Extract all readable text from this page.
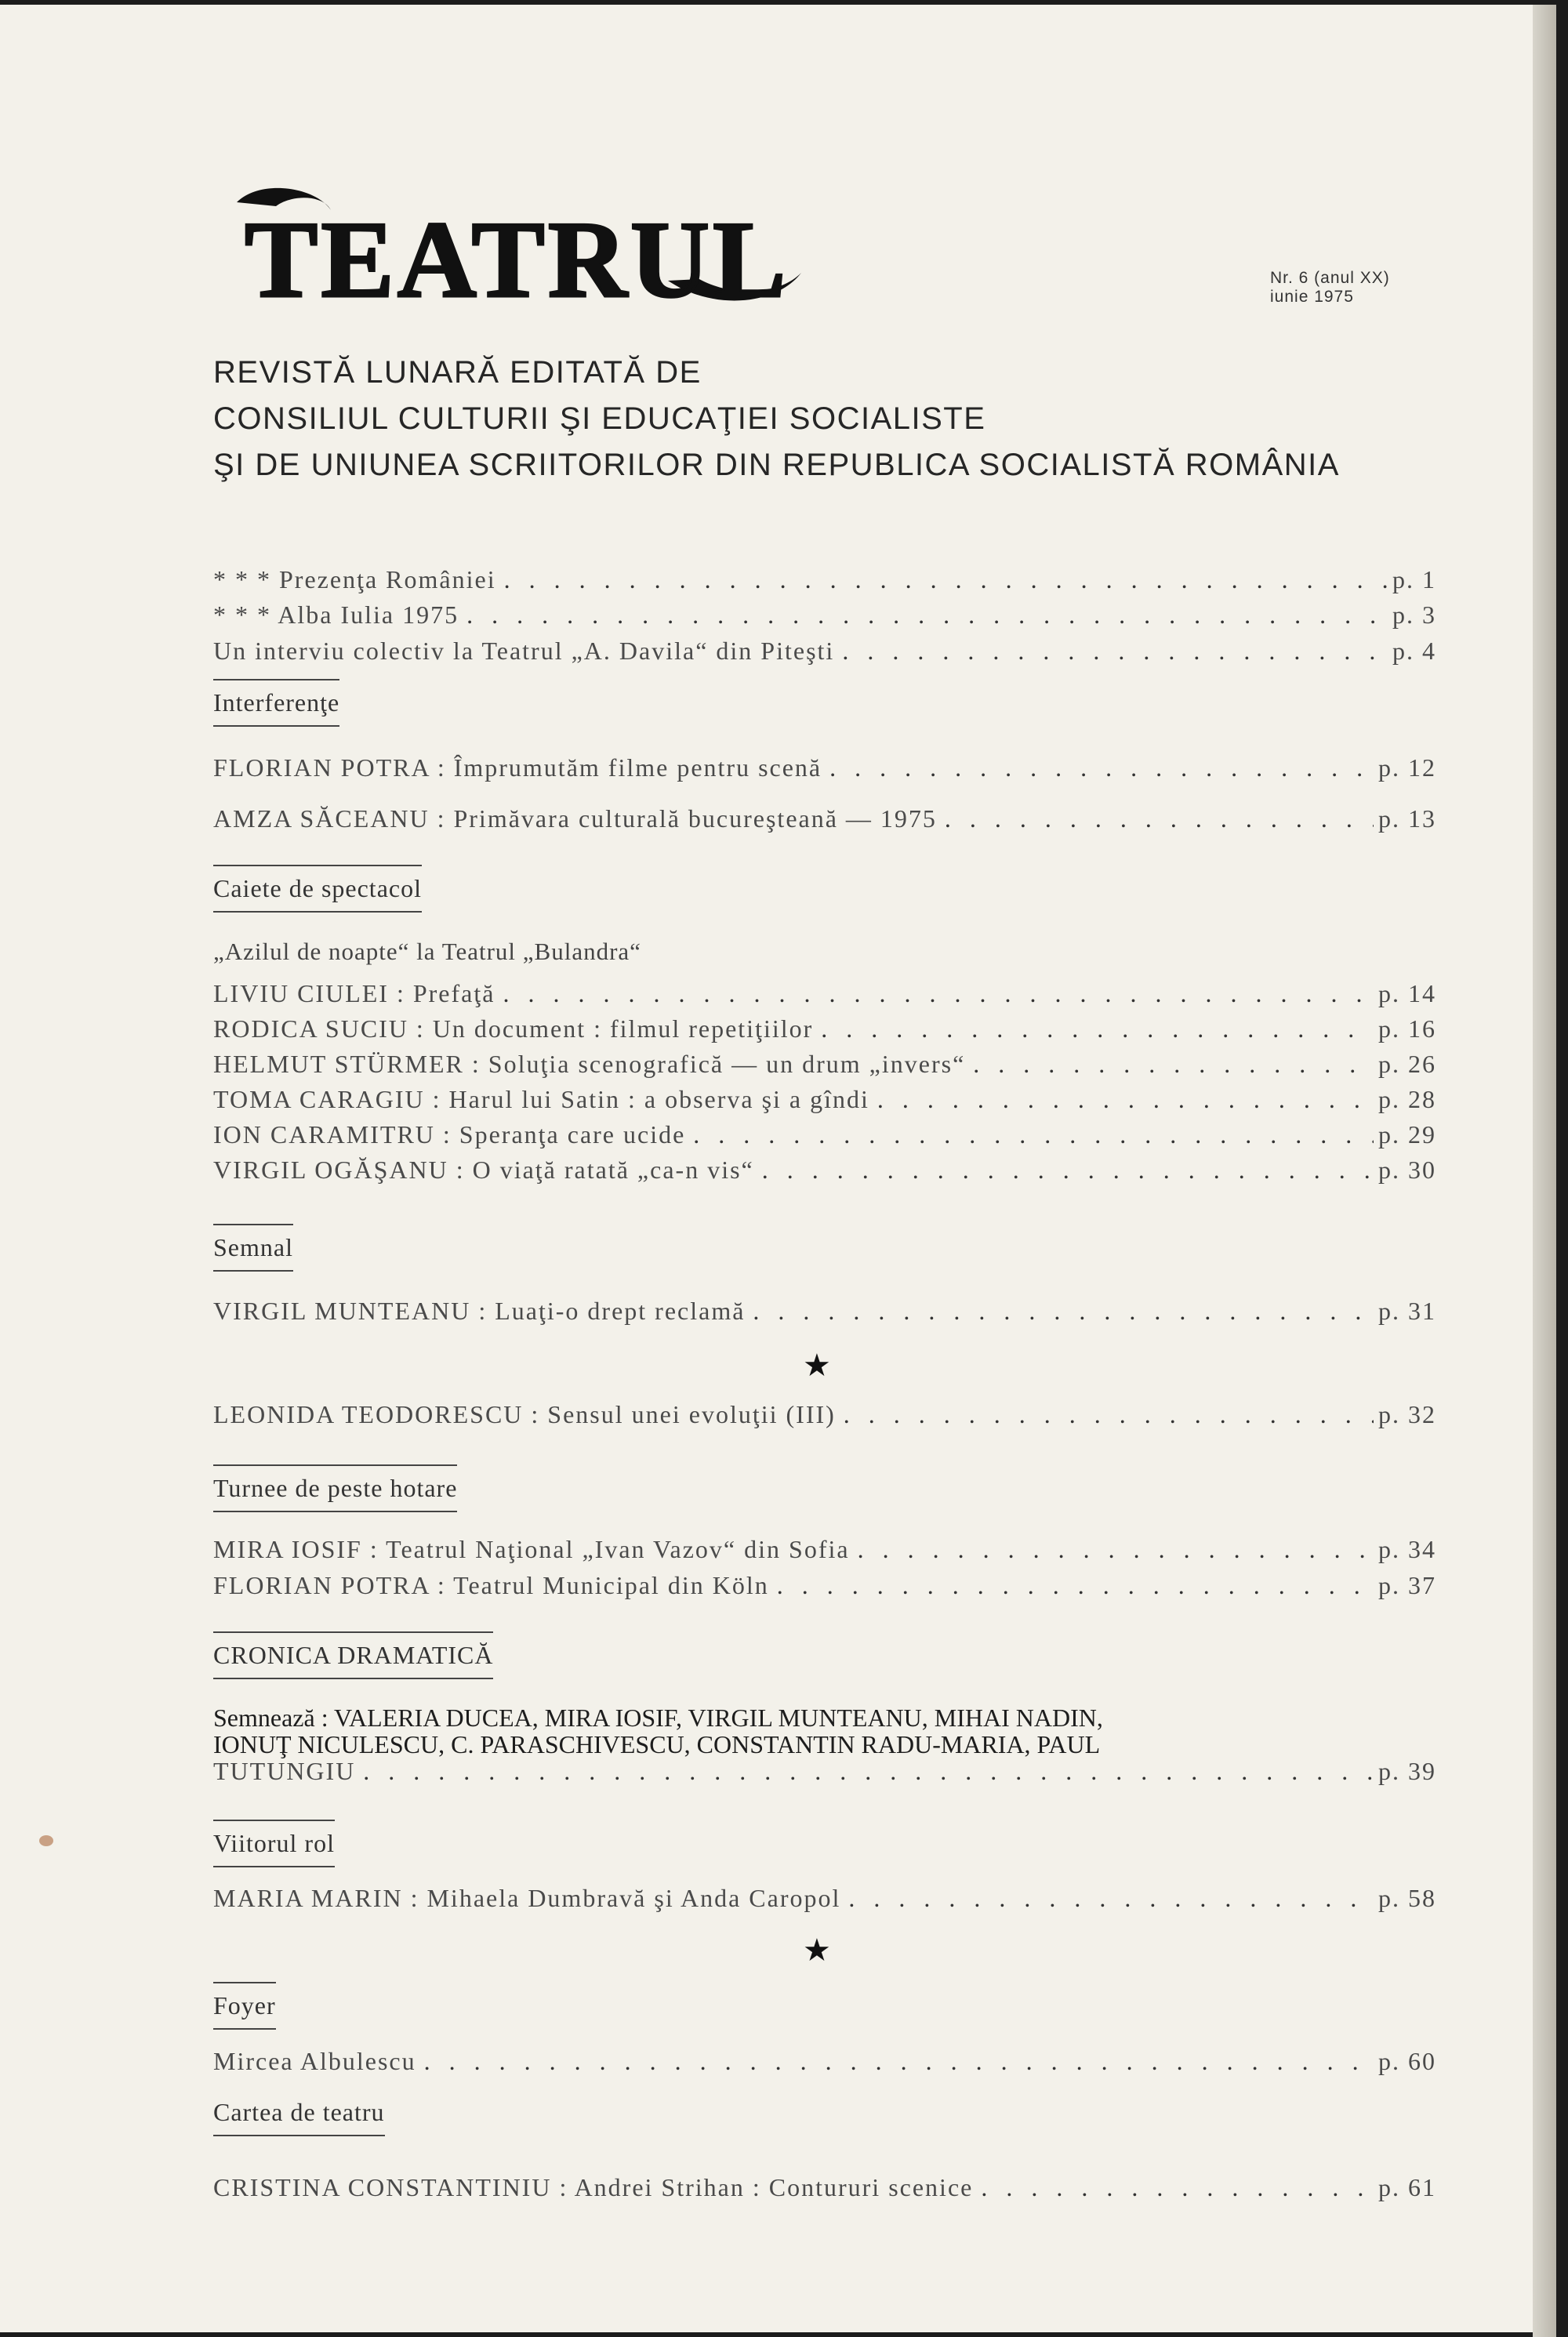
TEATRUL	Nr. 6 (anul XX)
iunie 1975
REVISTĂ LUNARĂ EDITATĂ DE
CONSILIUL CULTURII ŞI EDUCAŢIEI SOCIALISTE
ŞI DE UNIUNEA SCRIITORILOR DIN REPUBLICA SOCIALISTĂ ROMÂNIA
* * * Prezenţa României . . .	p. 1
* * * Alba Iulia 1975 . . .	p. 3
Un interviu colectiv la Teatrul „A. Davila“ din Piteşti . . .	p. 4
Interferenţe
FLORIAN POTRA : Împrumutăm filme pentru scenă . . .	p. 12
AMZA SĂCEANU : Primăvara culturală bucureşteană — 1975 . . .	p. 13
Caiete de spectacol
„Azilul de noapte“ la Teatrul „Bulandra“
LIVIU CIULEI : Prefaţă . . .	p. 14
RODICA SUCIU : Un document : filmul repetiţiilor . . .	p. 16
HELMUT STÜRMER : Soluţia scenografică — un drum „invers“ . . .	p. 26
TOMA CARAGIU : Harul lui Satin : a observa şi a gîndi . . .	p. 28
ION CARAMITRU : Speranţa care ucide . . .	p. 29
VIRGIL OGĂŞANU : O viaţă ratată „ca-n vis“ . . .	p. 30
Semnal
VIRGIL MUNTEANU : Luaţi-o drept reclamă . . .	p. 31
★
LEONIDA TEODORESCU : Sensul unei evoluţii (III) . . .	p. 32
Turnee de peste hotare
MIRA IOSIF : Teatrul Naţional „Ivan Vazov“ din Sofia . . .	p. 34
FLORIAN POTRA : Teatrul Municipal din Köln . . .	p. 37
CRONICA DRAMATICĂ
Semnează : VALERIA DUCEA, MIRA IOSIF, VIRGIL MUNTEANU, MIHAI NADIN,
IONUŢ NICULESCU, C. PARASCHIVESCU, CONSTANTIN RADU-MARIA, PAUL
TUTUNGIU . . .	p. 39
Viitorul rol
MARIA MARIN : Mihaela Dumbravă şi Anda Caropol . . .	p. 58
★
Foyer
Mircea Albulescu . . .	p. 60
Cartea de teatru
CRISTINA CONSTANTINIU : Andrei Strihan : Contururi scenice . . .	p. 61
